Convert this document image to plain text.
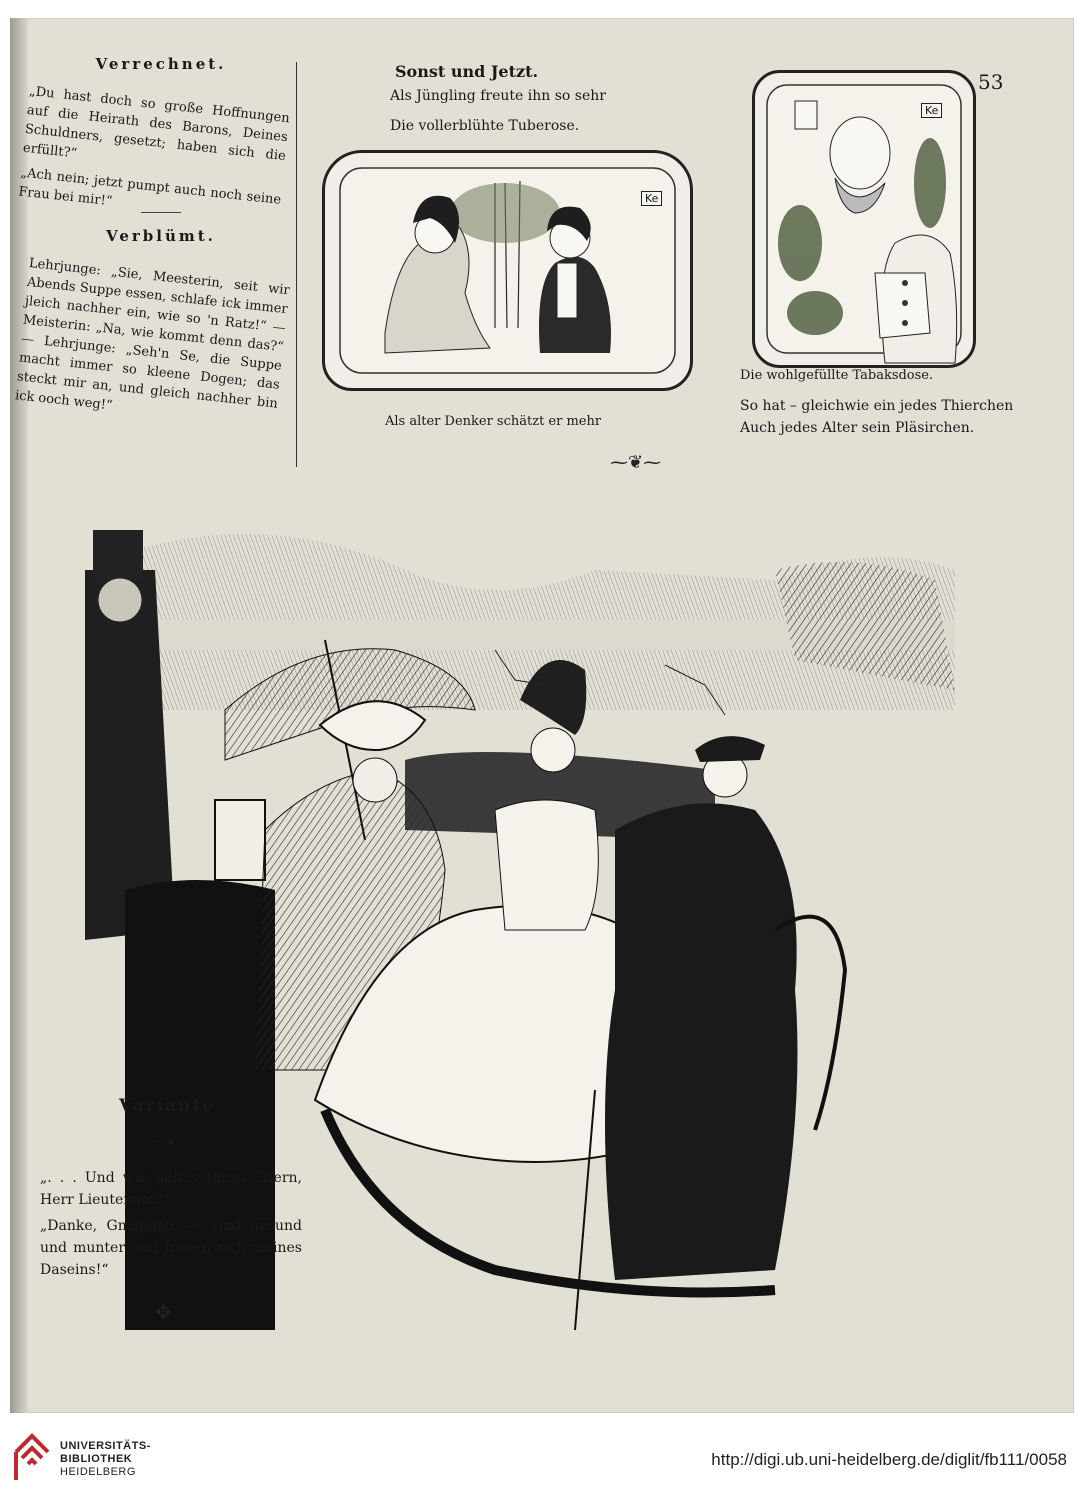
Verrechnet.

„Du hast doch so große Hoffnungen auf die Heirath des Barons, Deines Schuldners, gesetzt; haben sich die erfüllt?“

„Ach nein; jetzt pumpt auch noch seine Frau bei mir!“

Verblümt.

Lehrjunge: „Sie, Meesterin, seit wir Abends Suppe essen, schlafe ick immer jleich nachher ein, wie so 'n Ratz!“ — Meisterin: „Na, wie kommt denn das?“ — Lehrjunge: „Seh'n Se, die Suppe macht immer so kleene Dogen; das steckt mir an, und gleich nachher bin ick ooch weg!“

Sonst und Jetzt.
Als Jüngling freute ihn so sehr
Die vollerblühte Tuberose.
53
Ke
Ke
Die wohlgefüllte Tabaksdose.
Als alter Denker schätzt er mehr
So hat – gleichwie ein jedes Thierchen
Auch jedes Alter sein Pläsirchen.
⁓❦⁓
Variante.
~❦~

„. . . Und wie geht's Ihren Eltern, Herr Lieutenant?“

„Danke, Gnädigste — sind gesund und munter und freuen sich meines Daseins!“

✥
UNIVERSITÄTS-
BIBLIOTHEK
HEIDELBERG
http://digi.ub.uni-heidelberg.de/diglit/fb111/0058
